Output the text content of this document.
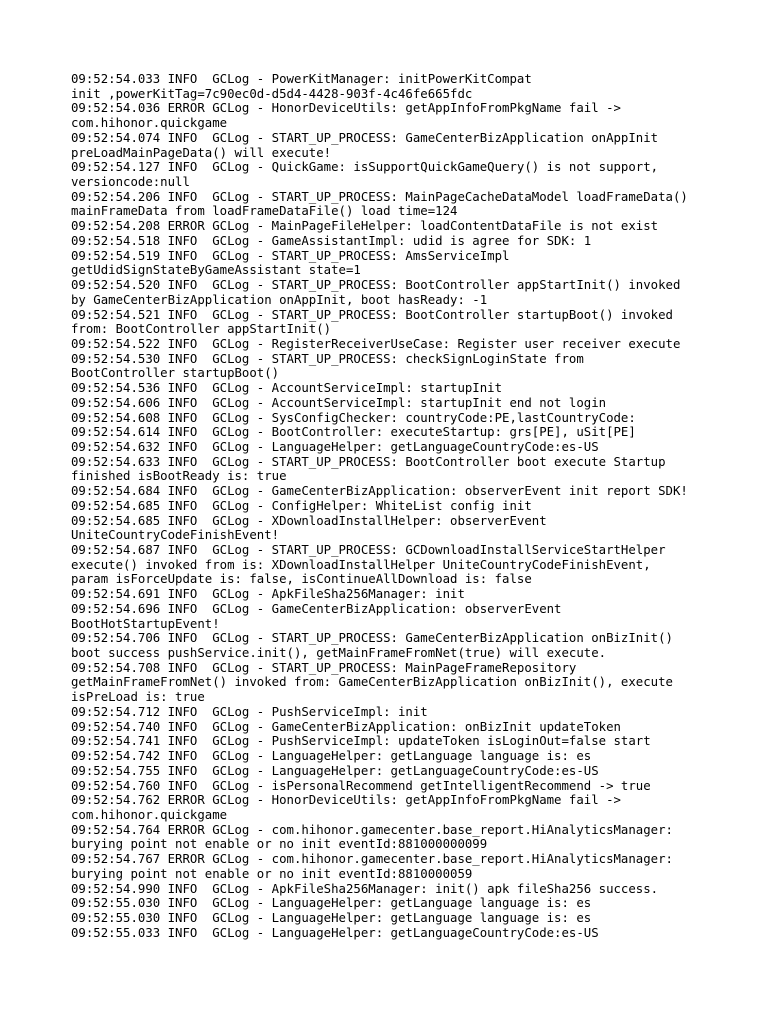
09:52:54.033 INFO  GCLog - PowerKitManager: initPowerKitCompat
init ,powerKitTag=7c90ec0d-d5d4-4428-903f-4c46fe665fdc
09:52:54.036 ERROR GCLog - HonorDeviceUtils: getAppInfoFromPkgName fail ->
com.hihonor.quickgame
09:52:54.074 INFO  GCLog - START_UP_PROCESS: GameCenterBizApplication onAppInit
preLoadMainPageData() will execute!
09:52:54.127 INFO  GCLog - QuickGame: isSupportQuickGameQuery() is not support,
versioncode:null
09:52:54.206 INFO  GCLog - START_UP_PROCESS: MainPageCacheDataModel loadFrameData()
mainFrameData from loadFrameDataFile() load time=124
09:52:54.208 ERROR GCLog - MainPageFileHelper: loadContentDataFile is not exist
09:52:54.518 INFO  GCLog - GameAssistantImpl: udid is agree for SDK: 1
09:52:54.519 INFO  GCLog - START_UP_PROCESS: AmsServiceImpl
getUdidSignStateByGameAssistant state=1
09:52:54.520 INFO  GCLog - START_UP_PROCESS: BootController appStartInit() invoked
by GameCenterBizApplication onAppInit, boot hasReady: -1
09:52:54.521 INFO  GCLog - START_UP_PROCESS: BootController startupBoot() invoked
from: BootController appStartInit()
09:52:54.522 INFO  GCLog - RegisterReceiverUseCase: Register user receiver execute
09:52:54.530 INFO  GCLog - START_UP_PROCESS: checkSignLoginState from
BootController startupBoot()
09:52:54.536 INFO  GCLog - AccountServiceImpl: startupInit
09:52:54.606 INFO  GCLog - AccountServiceImpl: startupInit end not login
09:52:54.608 INFO  GCLog - SysConfigChecker: countryCode:PE,lastCountryCode:
09:52:54.614 INFO  GCLog - BootController: executeStartup: grs[PE], uSit[PE]
09:52:54.632 INFO  GCLog - LanguageHelper: getLanguageCountryCode:es-US
09:52:54.633 INFO  GCLog - START_UP_PROCESS: BootController boot execute Startup
finished isBootReady is: true
09:52:54.684 INFO  GCLog - GameCenterBizApplication: observerEvent init report SDK!
09:52:54.685 INFO  GCLog - ConfigHelper: WhiteList config init
09:52:54.685 INFO  GCLog - XDownloadInstallHelper: observerEvent
UniteCountryCodeFinishEvent!
09:52:54.687 INFO  GCLog - START_UP_PROCESS: GCDownloadInstallServiceStartHelper
execute() invoked from is: XDownloadInstallHelper UniteCountryCodeFinishEvent,
param isForceUpdate is: false, isContinueAllDownload is: false
09:52:54.691 INFO  GCLog - ApkFileSha256Manager: init
09:52:54.696 INFO  GCLog - GameCenterBizApplication: observerEvent
BootHotStartupEvent!
09:52:54.706 INFO  GCLog - START_UP_PROCESS: GameCenterBizApplication onBizInit()
boot success pushService.init(), getMainFrameFromNet(true) will execute.
09:52:54.708 INFO  GCLog - START_UP_PROCESS: MainPageFrameRepository
getMainFrameFromNet() invoked from: GameCenterBizApplication onBizInit(), execute
isPreLoad is: true
09:52:54.712 INFO  GCLog - PushServiceImpl: init
09:52:54.740 INFO  GCLog - GameCenterBizApplication: onBizInit updateToken
09:52:54.741 INFO  GCLog - PushServiceImpl: updateToken isLoginOut=false start
09:52:54.742 INFO  GCLog - LanguageHelper: getLanguage language is: es
09:52:54.755 INFO  GCLog - LanguageHelper: getLanguageCountryCode:es-US
09:52:54.760 INFO  GCLog - isPersonalRecommend getIntelligentRecommend -> true
09:52:54.762 ERROR GCLog - HonorDeviceUtils: getAppInfoFromPkgName fail ->
com.hihonor.quickgame
09:52:54.764 ERROR GCLog - com.hihonor.gamecenter.base_report.HiAnalyticsManager:
burying point not enable or no init eventId:881000000099
09:52:54.767 ERROR GCLog - com.hihonor.gamecenter.base_report.HiAnalyticsManager:
burying point not enable or no init eventId:8810000059
09:52:54.990 INFO  GCLog - ApkFileSha256Manager: init() apk fileSha256 success.
09:52:55.030 INFO  GCLog - LanguageHelper: getLanguage language is: es
09:52:55.030 INFO  GCLog - LanguageHelper: getLanguage language is: es
09:52:55.033 INFO  GCLog - LanguageHelper: getLanguageCountryCode:es-US
